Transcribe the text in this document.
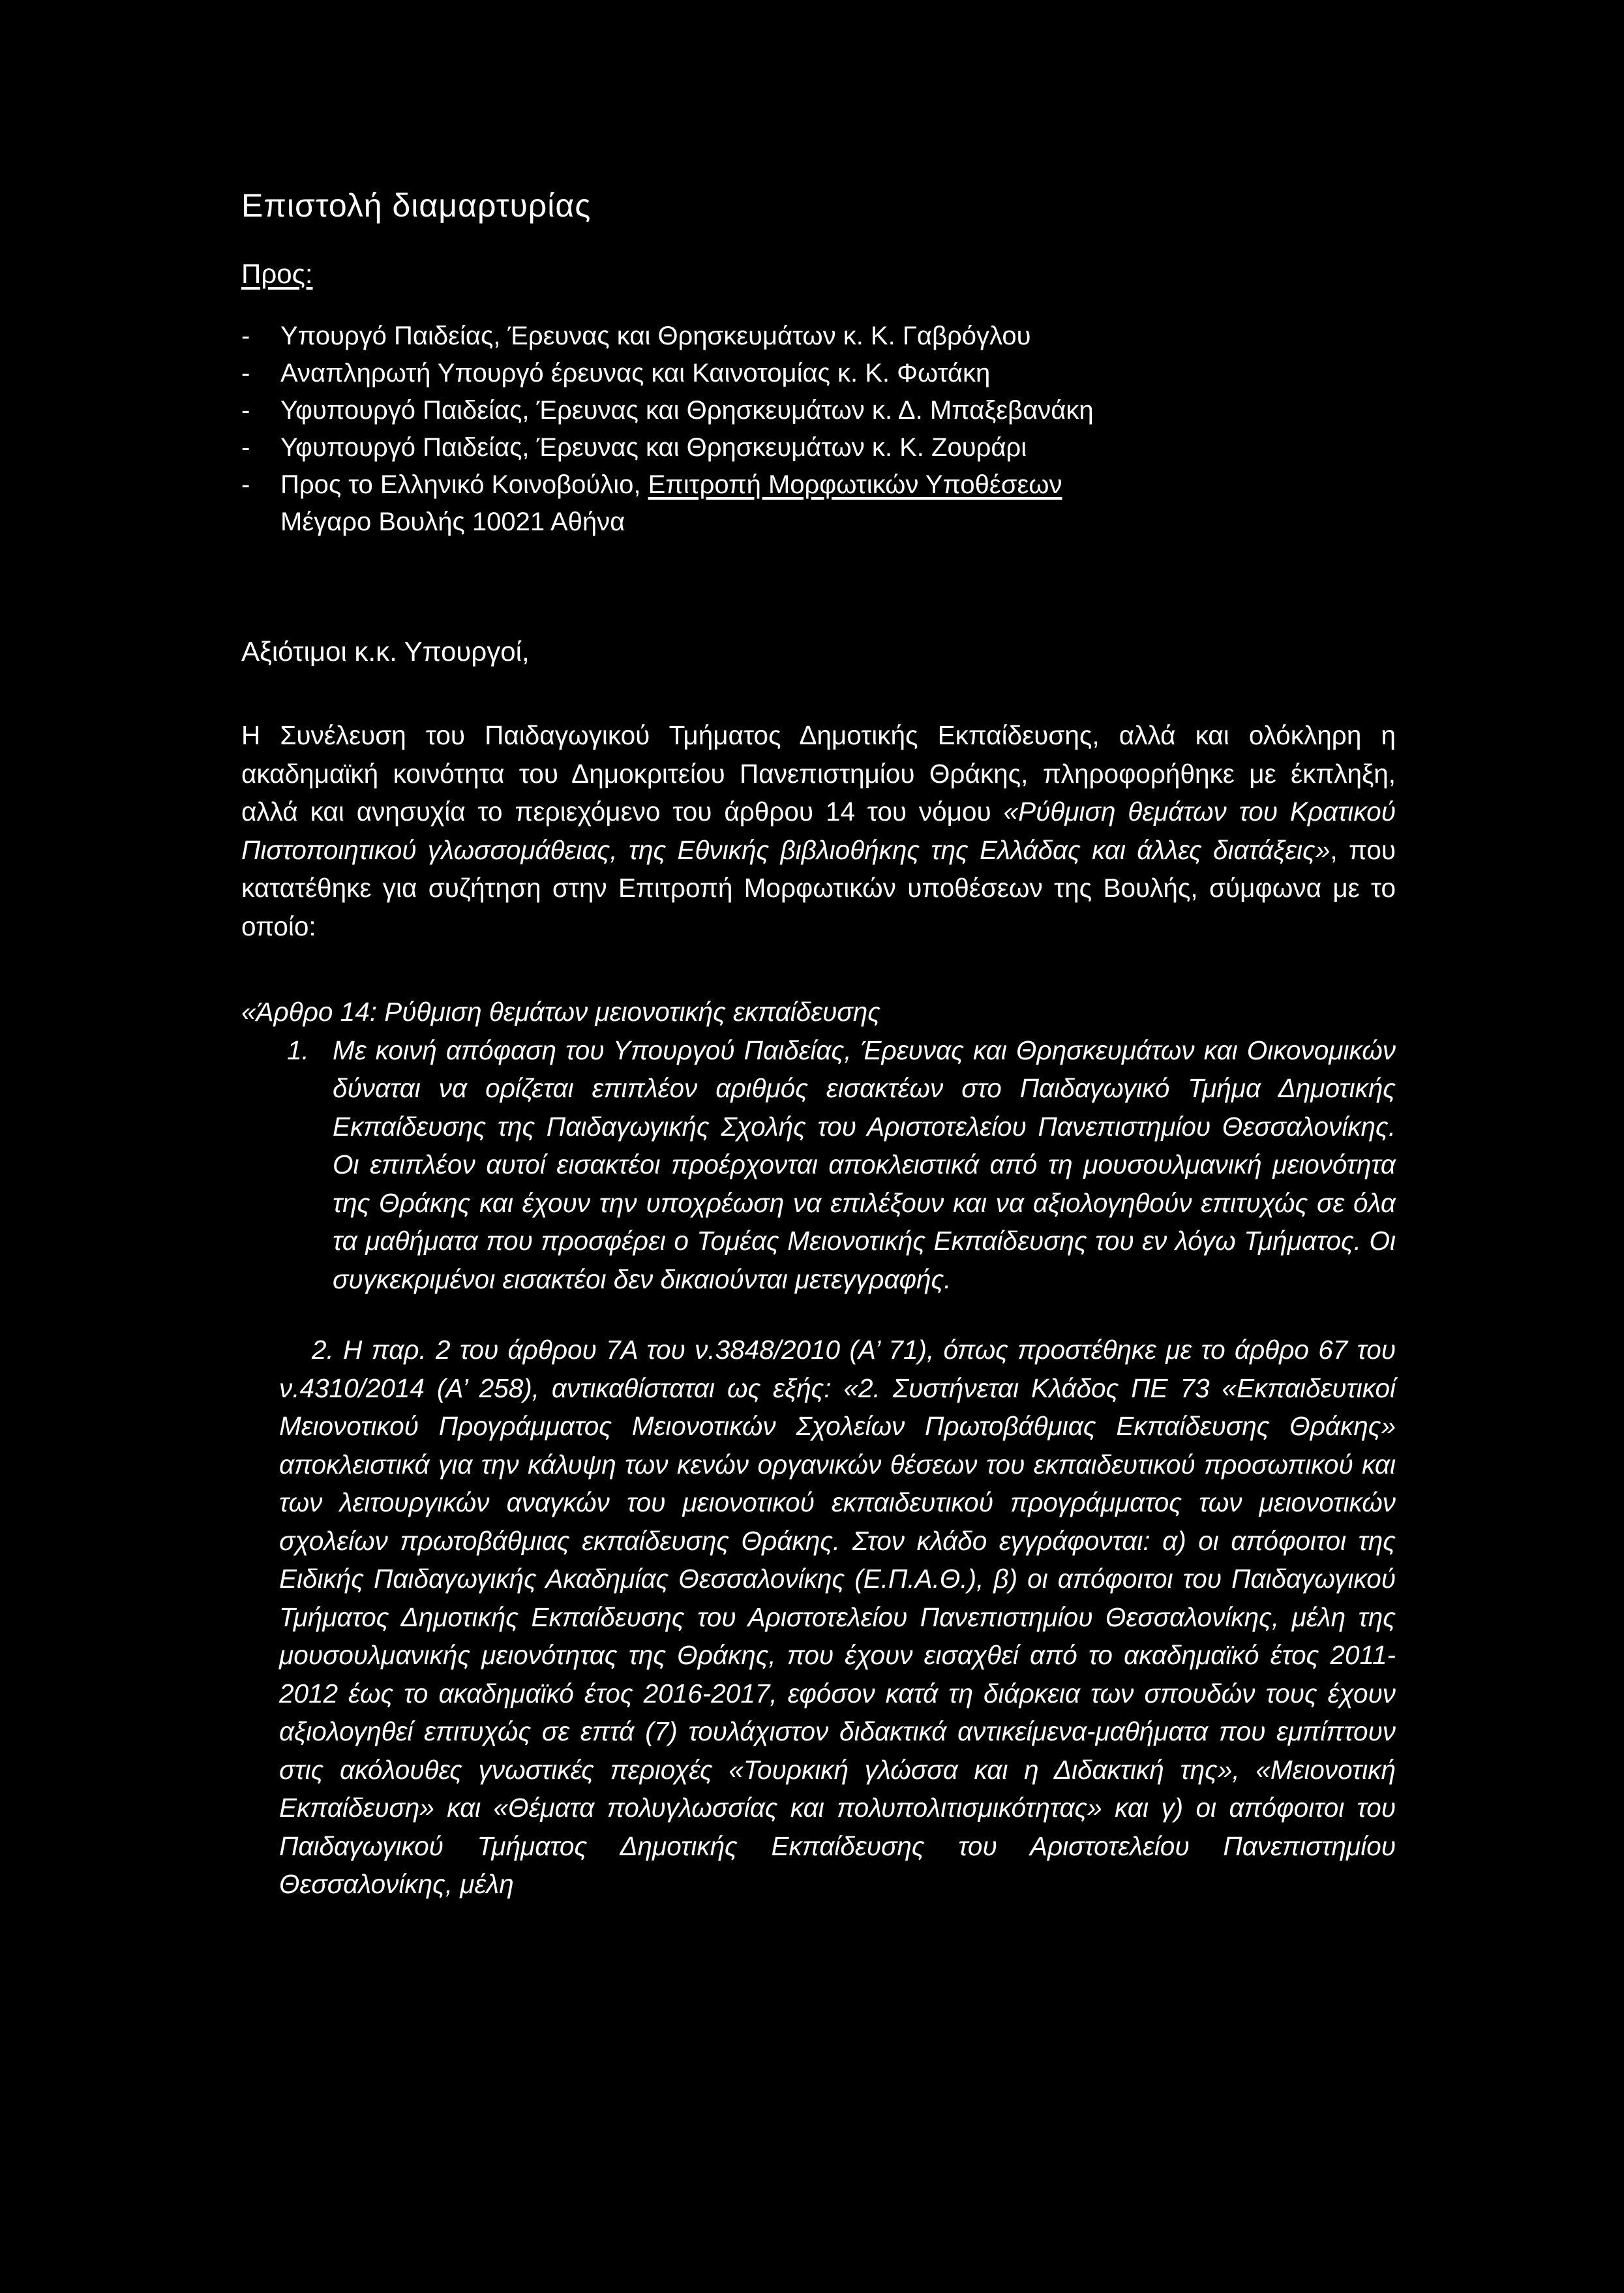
Επιστολή διαμαρτυρίας
Προς:
-	Υπουργό Παιδείας, Έρευνας και Θρησκευμάτων κ. Κ. Γαβρόγλου
-	Αναπληρωτή Υπουργό έρευνας και Καινοτομίας κ. Κ. Φωτάκη
-	Υφυπουργό Παιδείας, Έρευνας και Θρησκευμάτων κ. Δ. Μπαξεβανάκη
-	Υφυπουργό Παιδείας, Έρευνας και Θρησκευμάτων κ. Κ. Ζουράρι
-	Προς το Ελληνικό Κοινοβούλιο, Επιτροπή Μορφωτικών Υποθέσεων
Μέγαρο Βουλής 10021 Αθήνα
Αξιότιμοι κ.κ. Υπουργοί,

Η Συνέλευση του Παιδαγωγικού Τμήματος Δημοτικής Εκπαίδευσης, αλλά και ολόκληρη η ακαδημαϊκή κοινότητα του Δημοκριτείου Πανεπιστημίου Θράκης, πληροφορήθηκε με έκπληξη, αλλά και ανησυχία το περιεχόμενο του άρθρου 14 του νόμου «Ρύθμιση θεμάτων του Κρατικού Πιστοποιητικού γλωσσομάθειας, της Εθνικής βιβλιοθήκης της Ελλάδας και άλλες διατάξεις», που κατατέθηκε για συζήτηση στην Επιτροπή Μορφωτικών υποθέσεων της Βουλής, σύμφωνα με το οποίο:

«Άρθρο 14: Ρύθμιση θεμάτων μειονοτικής εκπαίδευσης
1. Με κοινή απόφαση του Υπουργού Παιδείας, Έρευνας και Θρησκευμάτων και Οικονομικών δύναται να ορίζεται επιπλέον αριθμός εισακτέων στο Παιδαγωγικό Τμήμα Δημοτικής Εκπαίδευσης της Παιδαγωγικής Σχολής του Αριστοτελείου Πανεπιστημίου Θεσσαλονίκης. Οι επιπλέον αυτοί εισακτέοι προέρχονται αποκλειστικά από τη μουσουλμανική μειονότητα της Θράκης και έχουν την υποχρέωση να επιλέξουν και να αξιολογηθούν επιτυχώς σε όλα τα μαθήματα που προσφέρει ο Τομέας Μειονοτικής Εκπαίδευσης του εν λόγω Τμήματος. Οι συγκεκριμένοι εισακτέοι δεν δικαιούνται μετεγγραφής.
2. Η παρ. 2 του άρθρου 7Α του ν.3848/2010 (Α’ 71), όπως προστέθηκε με το άρθρο 67 του ν.4310/2014 (Α’ 258), αντικαθίσταται ως εξής: «2. Συστήνεται Κλάδος ΠΕ 73 «Εκπαιδευτικοί Μειονοτικού Προγράμματος Μειονοτικών Σχολείων Πρωτοβάθμιας Εκπαίδευσης Θράκης» αποκλειστικά για την κάλυψη των κενών οργανικών θέσεων του εκπαιδευτικού προσωπικού και των λειτουργικών αναγκών του μειονοτικού εκπαιδευτικού προγράμματος των μειονοτικών σχολείων πρωτοβάθμιας εκπαίδευσης Θράκης. Στον κλάδο εγγράφονται: α) οι απόφοιτοι της Ειδικής Παιδαγωγικής Ακαδημίας Θεσσαλονίκης (Ε.Π.Α.Θ.), β) οι απόφοιτοι του Παιδαγωγικού Τμήματος Δημοτικής Εκπαίδευσης του Αριστοτελείου Πανεπιστημίου Θεσσαλονίκης, μέλη της μουσουλμανικής μειονότητας της Θράκης, που έχουν εισαχθεί από το ακαδημαϊκό έτος 2011-2012 έως το ακαδημαϊκό έτος 2016-2017, εφόσον κατά τη διάρκεια των σπουδών τους έχουν αξιολογηθεί επιτυχώς σε επτά (7) τουλάχιστον διδακτικά αντικείμενα-μαθήματα που εμπίπτουν στις ακόλουθες γνωστικές περιοχές «Τουρκική γλώσσα και η Διδακτική της», «Μειονοτική Εκπαίδευση» και «Θέματα πολυγλωσσίας και πολυπολιτισμικότητας» και γ) οι απόφοιτοι του Παιδαγωγικού Τμήματος Δημοτικής Εκπαίδευσης του Αριστοτελείου Πανεπιστημίου Θεσσαλονίκης, μέλη
